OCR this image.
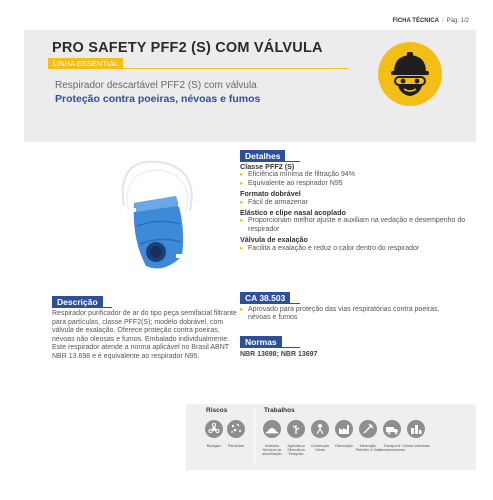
FICHA TÉCNICA / Pág. 1/2
PRO SAFETY PFF2 (S) COM VÁLVULA
LINHA ESSENTIAL
Respirador descartável PFF2 (S) com válvula
Proteção contra poeiras, névoas e fumos
Detalhes
Classe PFF2 (S)
▸ Eficiência mínima de filtração 94%
▸ Equivalente ao respirador N95
Formato dobrável
▸ Fácil de armazenar
Elástico e clipe nasal acoplado
▸ Proporcionam melhor ajuste e auxiliam na vedação e desempenho do respirador
Válvula de exalação
▸ Facilita a exalação e reduz o calor dentro do respirador
CA 38.503
▸ Aprovado para proteção das vias respiratórias contra poeiras, névoas e fumos
Normas
NBR 13698; NBR 13697
Descrição
Respirador purificador de ar do tipo peça semifacial filtrante para partículas, classe PFF2(S); modelo dobrável, com válvula de exalação. Oferece proteção contra poeiras, névoas não oleosas e fumos. Embalado individualmente. Este respirador atende a norma aplicável no Brasil ABNT NBR 13.698 e é equivalente ao respirador N95.
Riscos	Trabalhos
Biológico	Partículas	Hotelaria Serviços de alimentação
Agricultura Silvicultura Pesquisa
Construção Obras
Fabricação	Mineração Petróleo & Gás
Transporte Armazenamento
Outras indústrias
